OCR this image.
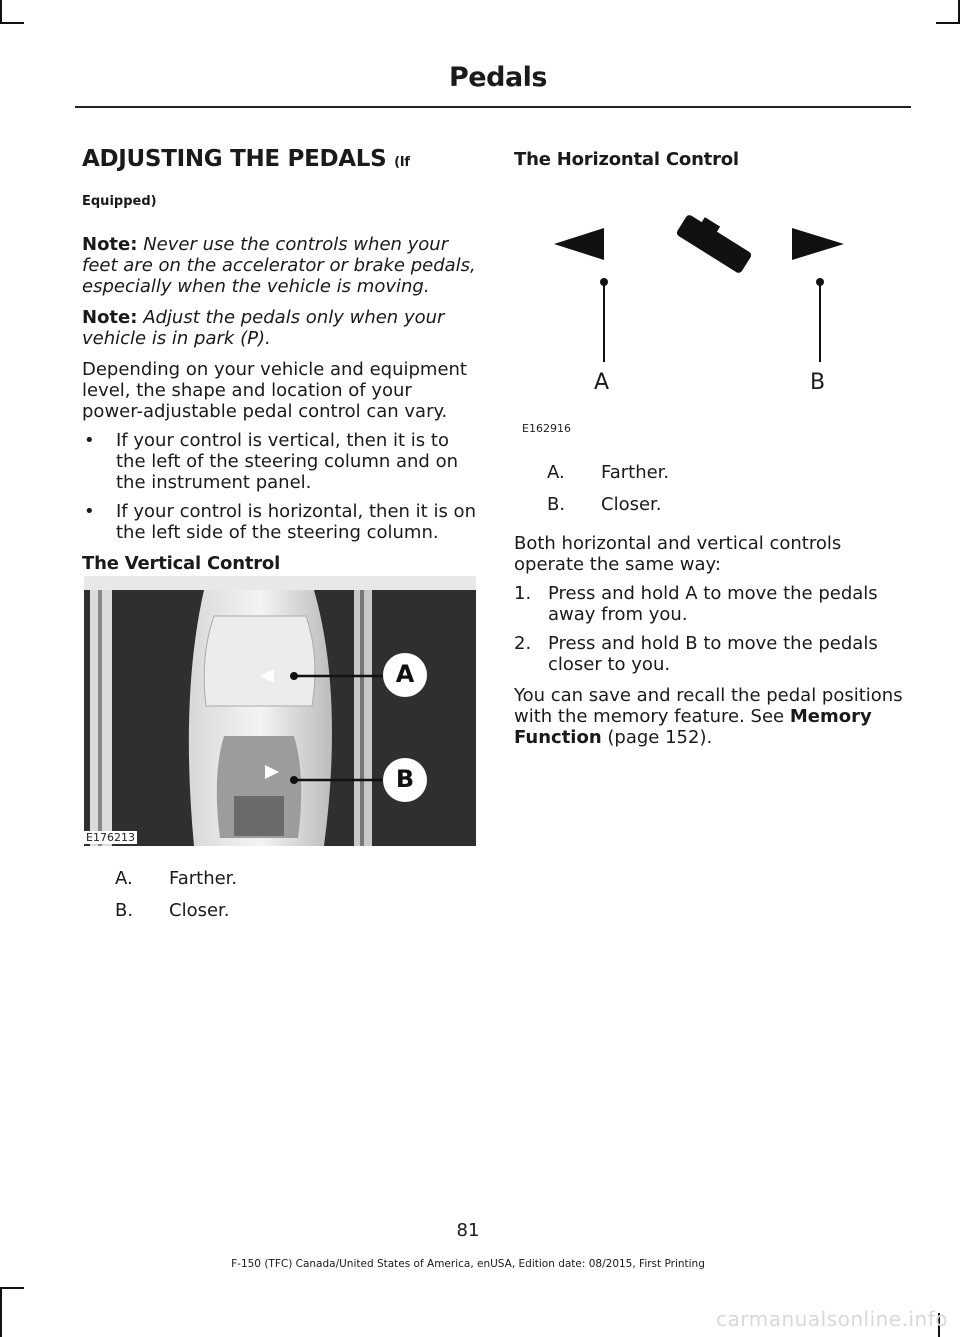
Pedals
ADJUSTING THE PEDALS (If
Equipped)

Note: Never use the controls when your feet are on the accelerator or brake pedals, especially when the vehicle is moving.

Note: Adjust the pedals only when your vehicle is in park (P).

Depending on your vehicle and equipment level, the shape and location of your power-adjustable pedal control can vary.

• If your control is vertical, then it is to the left of the steering column and on the instrument panel.
• If your control is horizontal, then it is on the left side of the steering column.
The Vertical Control
A
B
E176213
A.	Farther.
B.	Closer.
The Horizontal Control
A	B
E162916
A.	Farther.
B.	Closer.

Both horizontal and vertical controls operate the same way:

1. Press and hold A to move the pedals away from you.
2. Press and hold B to move the pedals closer to you.

You can save and recall the pedal positions with the memory feature. See Memory Function (page 152).

81
F-150 (TFC) Canada/United States of America, enUSA, Edition date: 08/2015, First Printing
carmanualsonline.info
